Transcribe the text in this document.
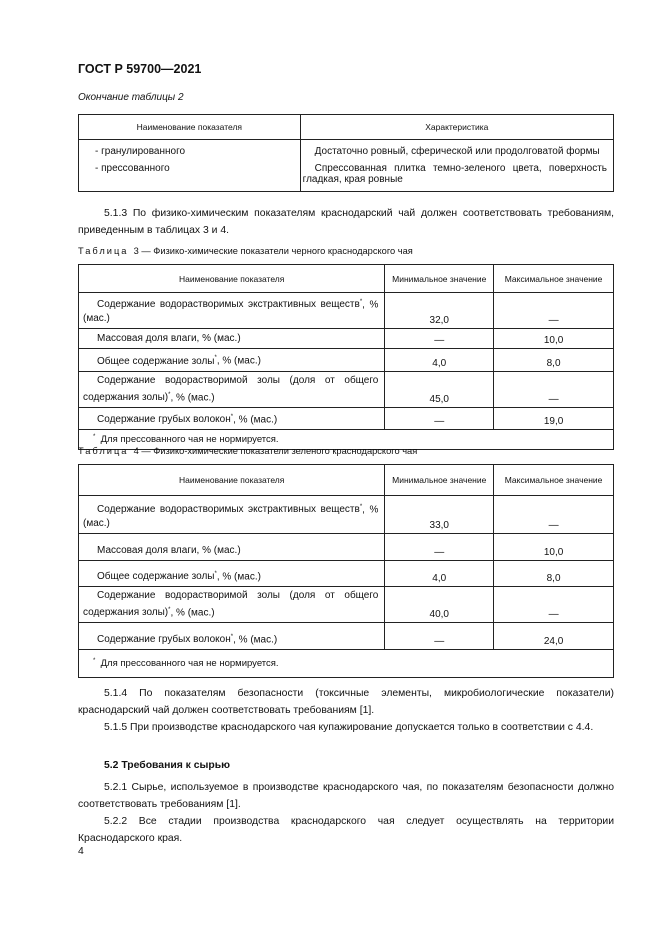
ГОСТ Р 59700—2021
Окончание таблицы 2
Наименование показателя	Характеристика
- гранулированного	Достаточно ровный, сферической или продолговатой формы
- прессованного	Спрессованная плитка темно-зеленого цвета, поверхность гладкая, края ровные
5.1.3 По физико-химическим показателям краснодарский чай должен соответствовать требованиям, приведенным в таблицах 3 и 4.
Таблица 3 — Физико-химические показатели черного краснодарского чая
Наименование показателя	Минимальное значение	Максимальное значение
Содержание водорастворимых экстрактивных веществ*, % (мас.)	32,0	—
Массовая доля влаги, % (мас.)	—	10,0
Общее содержание золы*, % (мас.)	4,0	8,0
Содержание водорастворимой золы (доля от общего содержания золы)*, % (мас.)	45,0	—
Содержание грубых волокон*, % (мас.)	—	19,0
* Для прессованного чая не нормируется.		
Таблица 4 — Физико-химические показатели зеленого краснодарского чая
Наименование показателя	Минимальное значение	Максимальное значение
Содержание водорастворимых экстрактивных веществ*, % (мас.)	33,0	—
Массовая доля влаги, % (мас.)	—	10,0
Общее содержание золы*, % (мас.)	4,0	8,0
Содержание водорастворимой золы (доля от общего содержания золы)*, % (мас.)	40,0	—
Содержание грубых волокон*, % (мас.)	—	24,0
* Для прессованного чая не нормируется.		
5.1.4 По показателям безопасности (токсичные элементы, микробиологические показатели) краснодарский чай должен соответствовать требованиям [1].
5.1.5 При производстве краснодарского чая купажирование допускается только в соответствии с 4.4.
5.2 Требования к сырью
5.2.1 Сырье, используемое в производстве краснодарского чая, по показателям безопасности должно соответствовать требованиям [1].
5.2.2 Все стадии производства краснодарского чая следует осуществлять на территории Краснодарского края.
4
